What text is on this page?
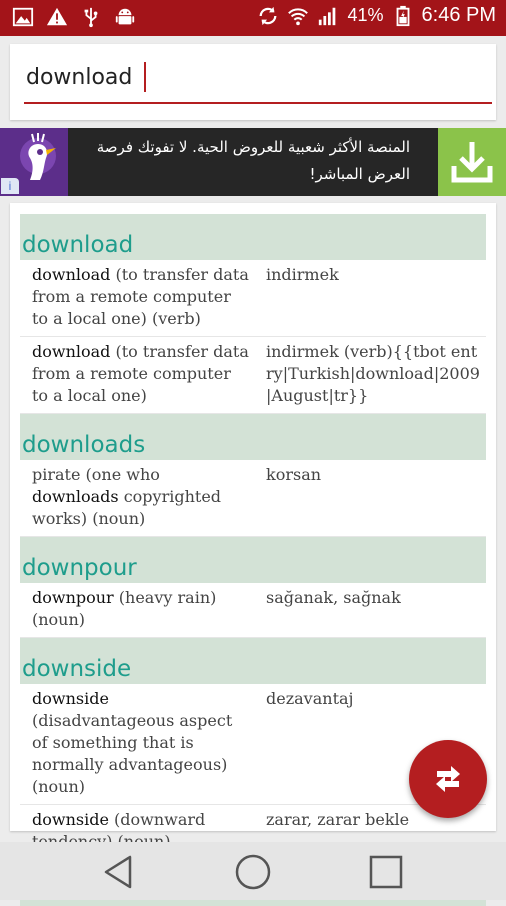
41% 6:46 PM
download
i
المنصة الأكثر شعبية للعروض الحية. لا تفوتك فرصة
العرض المباشر!
download
download (to transfer data from a remote computer to a local one) (verb)
indirmek
download (to transfer data from a remote computer to a local one)
indirmek (verb){{tbot entry|Turkish|download|2009|August|tr}}
downloads
pirate (one who downloads copyrighted works) (noun)
korsan
downpour
downpour (heavy rain) (noun)
sağanak, sağnak
downside
downside (disadvantageous aspect of something that is normally advantageous) (noun)
dezavantaj
downside (downward	zarar, zarar bekle
